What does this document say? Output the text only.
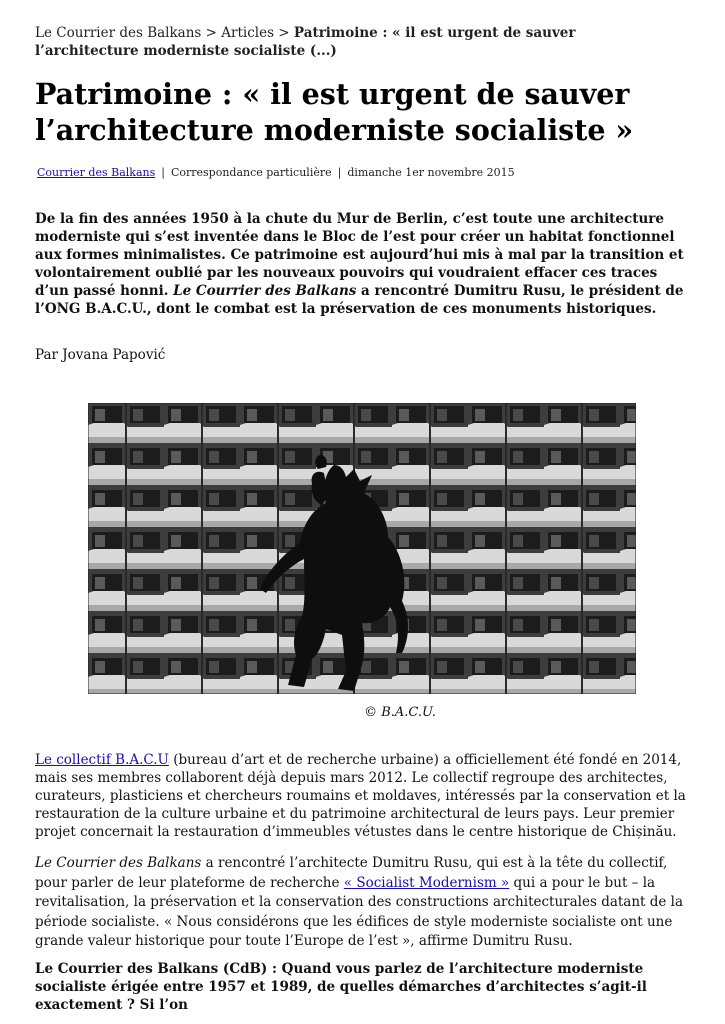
Le Courrier des Balkans > Articles > Patrimoine : « il est urgent de sauver l’architecture moderniste socialiste (...)
Patrimoine : « il est urgent de sauver l’architecture moderniste socialiste »
Courrier des Balkans | Correspondance particulière | dimanche 1er novembre 2015

De la fin des années 1950 à la chute du Mur de Berlin, c’est toute une architecture moderniste qui s’est inventée dans le Bloc de l’est pour créer un habitat fonctionnel aux formes minimalistes. Ce patrimoine est aujourd’hui mis à mal par la transition et volontairement oublié par les nouveaux pouvoirs qui voudraient effacer ces traces d’un passé honni. Le Courrier des Balkans a rencontré Dumitru Rusu, le président de l’ONG B.A.C.U., dont le combat est la préservation de ces monuments historiques.

Par Jovana Papović
© B.A.C.U.

Le collectif B.A.C.U (bureau d’art et de recherche urbaine) a officiellement été fondé en 2014, mais ses membres collaborent déjà depuis mars 2012. Le collectif regroupe des architectes, curateurs, plasticiens et chercheurs roumains et moldaves, intéressés par la conservation et la restauration de la culture urbaine et du patrimoine architectural de leurs pays. Leur premier projet concernait la restauration d’immeubles vétustes dans le centre historique de Chișinău.

Le Courrier des Balkans a rencontré l’architecte Dumitru Rusu, qui est à la tête du collectif, pour parler de leur plateforme de recherche « Socialist Modernism » qui a pour le but – la revitalisation, la préservation et la conservation des constructions architecturales datant de la période socialiste. « Nous considérons que les édifices de style moderniste socialiste ont une grande valeur historique pour toute l’Europe de l’est », affirme Dumitru Rusu.

Le Courrier des Balkans (CdB) : Quand vous parlez de l’architecture moderniste socialiste érigée entre 1957 et 1989, de quelles démarches d’architectes s’agit-il exactement ? Si l’on
